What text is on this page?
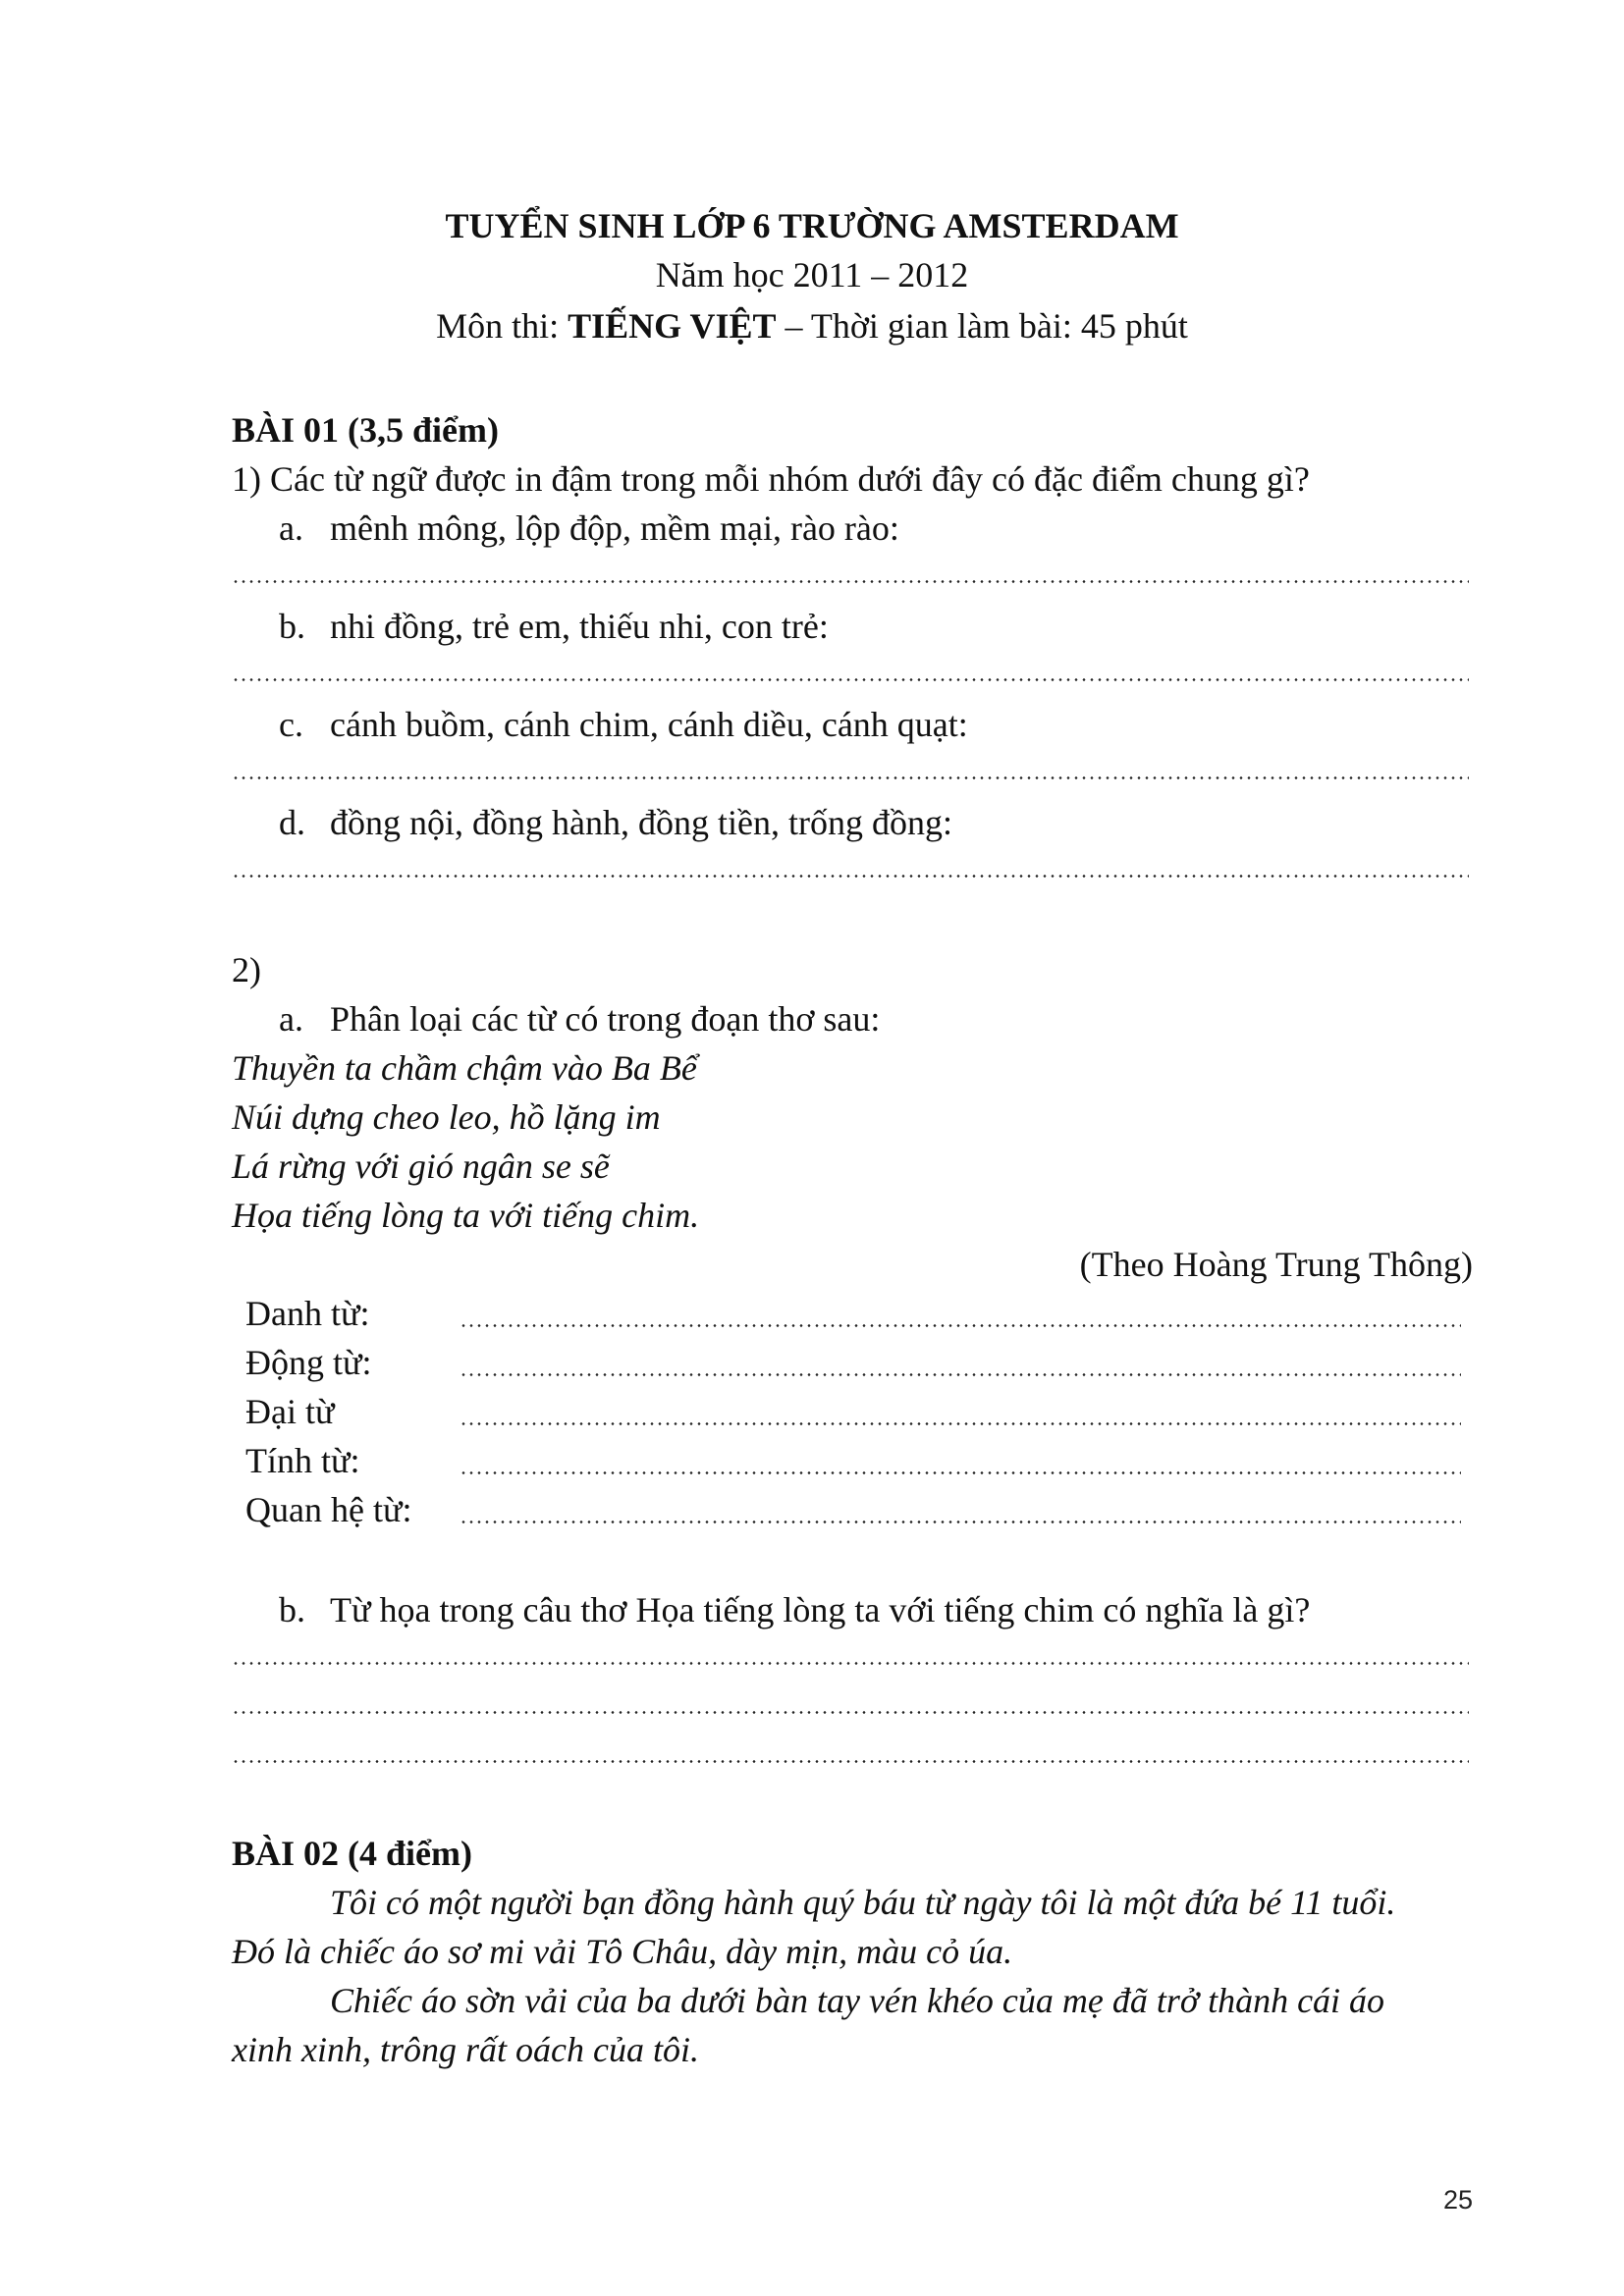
TUYỂN SINH LỚP 6 TRƯỜNG AMSTERDAM
Năm học 2011 – 2012
Môn thi: TIẾNG VIỆT – Thời gian làm bài: 45 phút
BÀI 01 (3,5 điểm)
1) Các từ ngữ được in đậm trong mỗi nhóm dưới đây có đặc điểm chung gì?
a. mênh mông, lộp độp, mềm mại, rào rào:
b. nhi đồng, trẻ em, thiếu nhi, con trẻ:
c. cánh buồm, cánh chim, cánh diều, cánh quạt:
d. đồng nội, đồng hành, đồng tiền, trống đồng:
2)
a. Phân loại các từ có trong đoạn thơ sau:
Thuyền ta chầm chậm vào Ba Bể
Núi dựng cheo leo, hồ lặng im
Lá rừng với gió ngân se sẽ
Họa tiếng lòng ta với tiếng chim.
(Theo Hoàng Trung Thông)
Danh từ:
Động từ:
Đại từ
Tính từ:
Quan hệ từ:
b. Từ họa trong câu thơ Họa tiếng lòng ta với tiếng chim có nghĩa là gì?
BÀI 02 (4 điểm)
Tôi có một người bạn đồng hành quý báu từ ngày tôi là một đứa bé 11 tuổi.
Đó là chiếc áo sơ mi vải Tô Châu, dày mịn, màu cỏ úa.
Chiếc áo sờn vải của ba dưới bàn tay vén khéo của mẹ đã trở thành cái áo
xinh xinh, trông rất oách của tôi.
25
